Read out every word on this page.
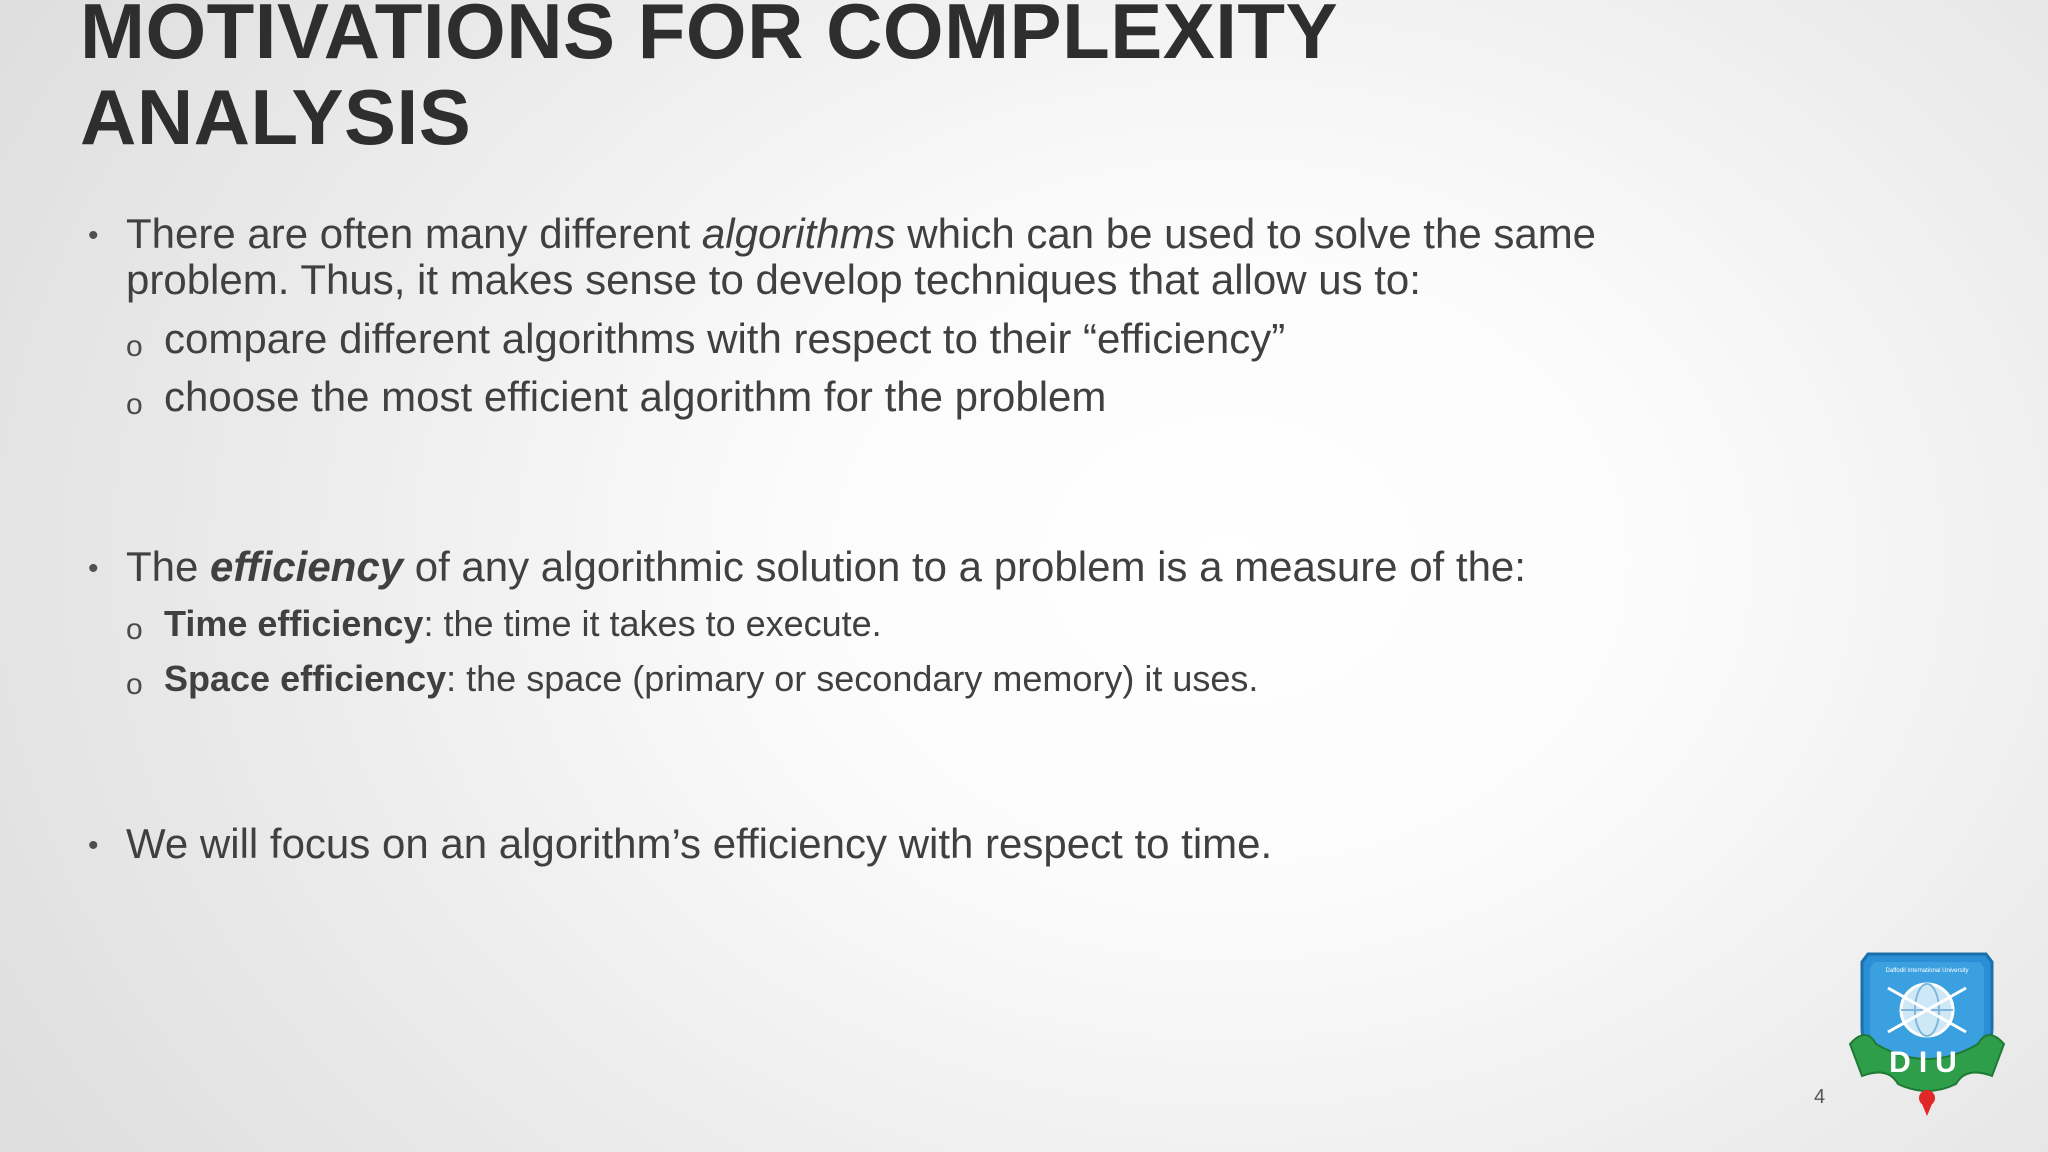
MOTIVATIONS FOR COMPLEXITY
ANALYSIS
• There are often many different algorithms which can be used to solve the same
problem. Thus, it makes sense to develop techniques that allow us to:
o compare different algorithms with respect to their “efficiency”
o choose the most efficient algorithm for the problem
• The efficiency of any algorithmic solution to a problem is a measure of the:
o Time efficiency: the time it takes to execute.
o Space efficiency: the space (primary or secondary memory) it uses.
• We will focus on an algorithm’s efficiency with respect to time.
Daffodil International University
DIU
4
